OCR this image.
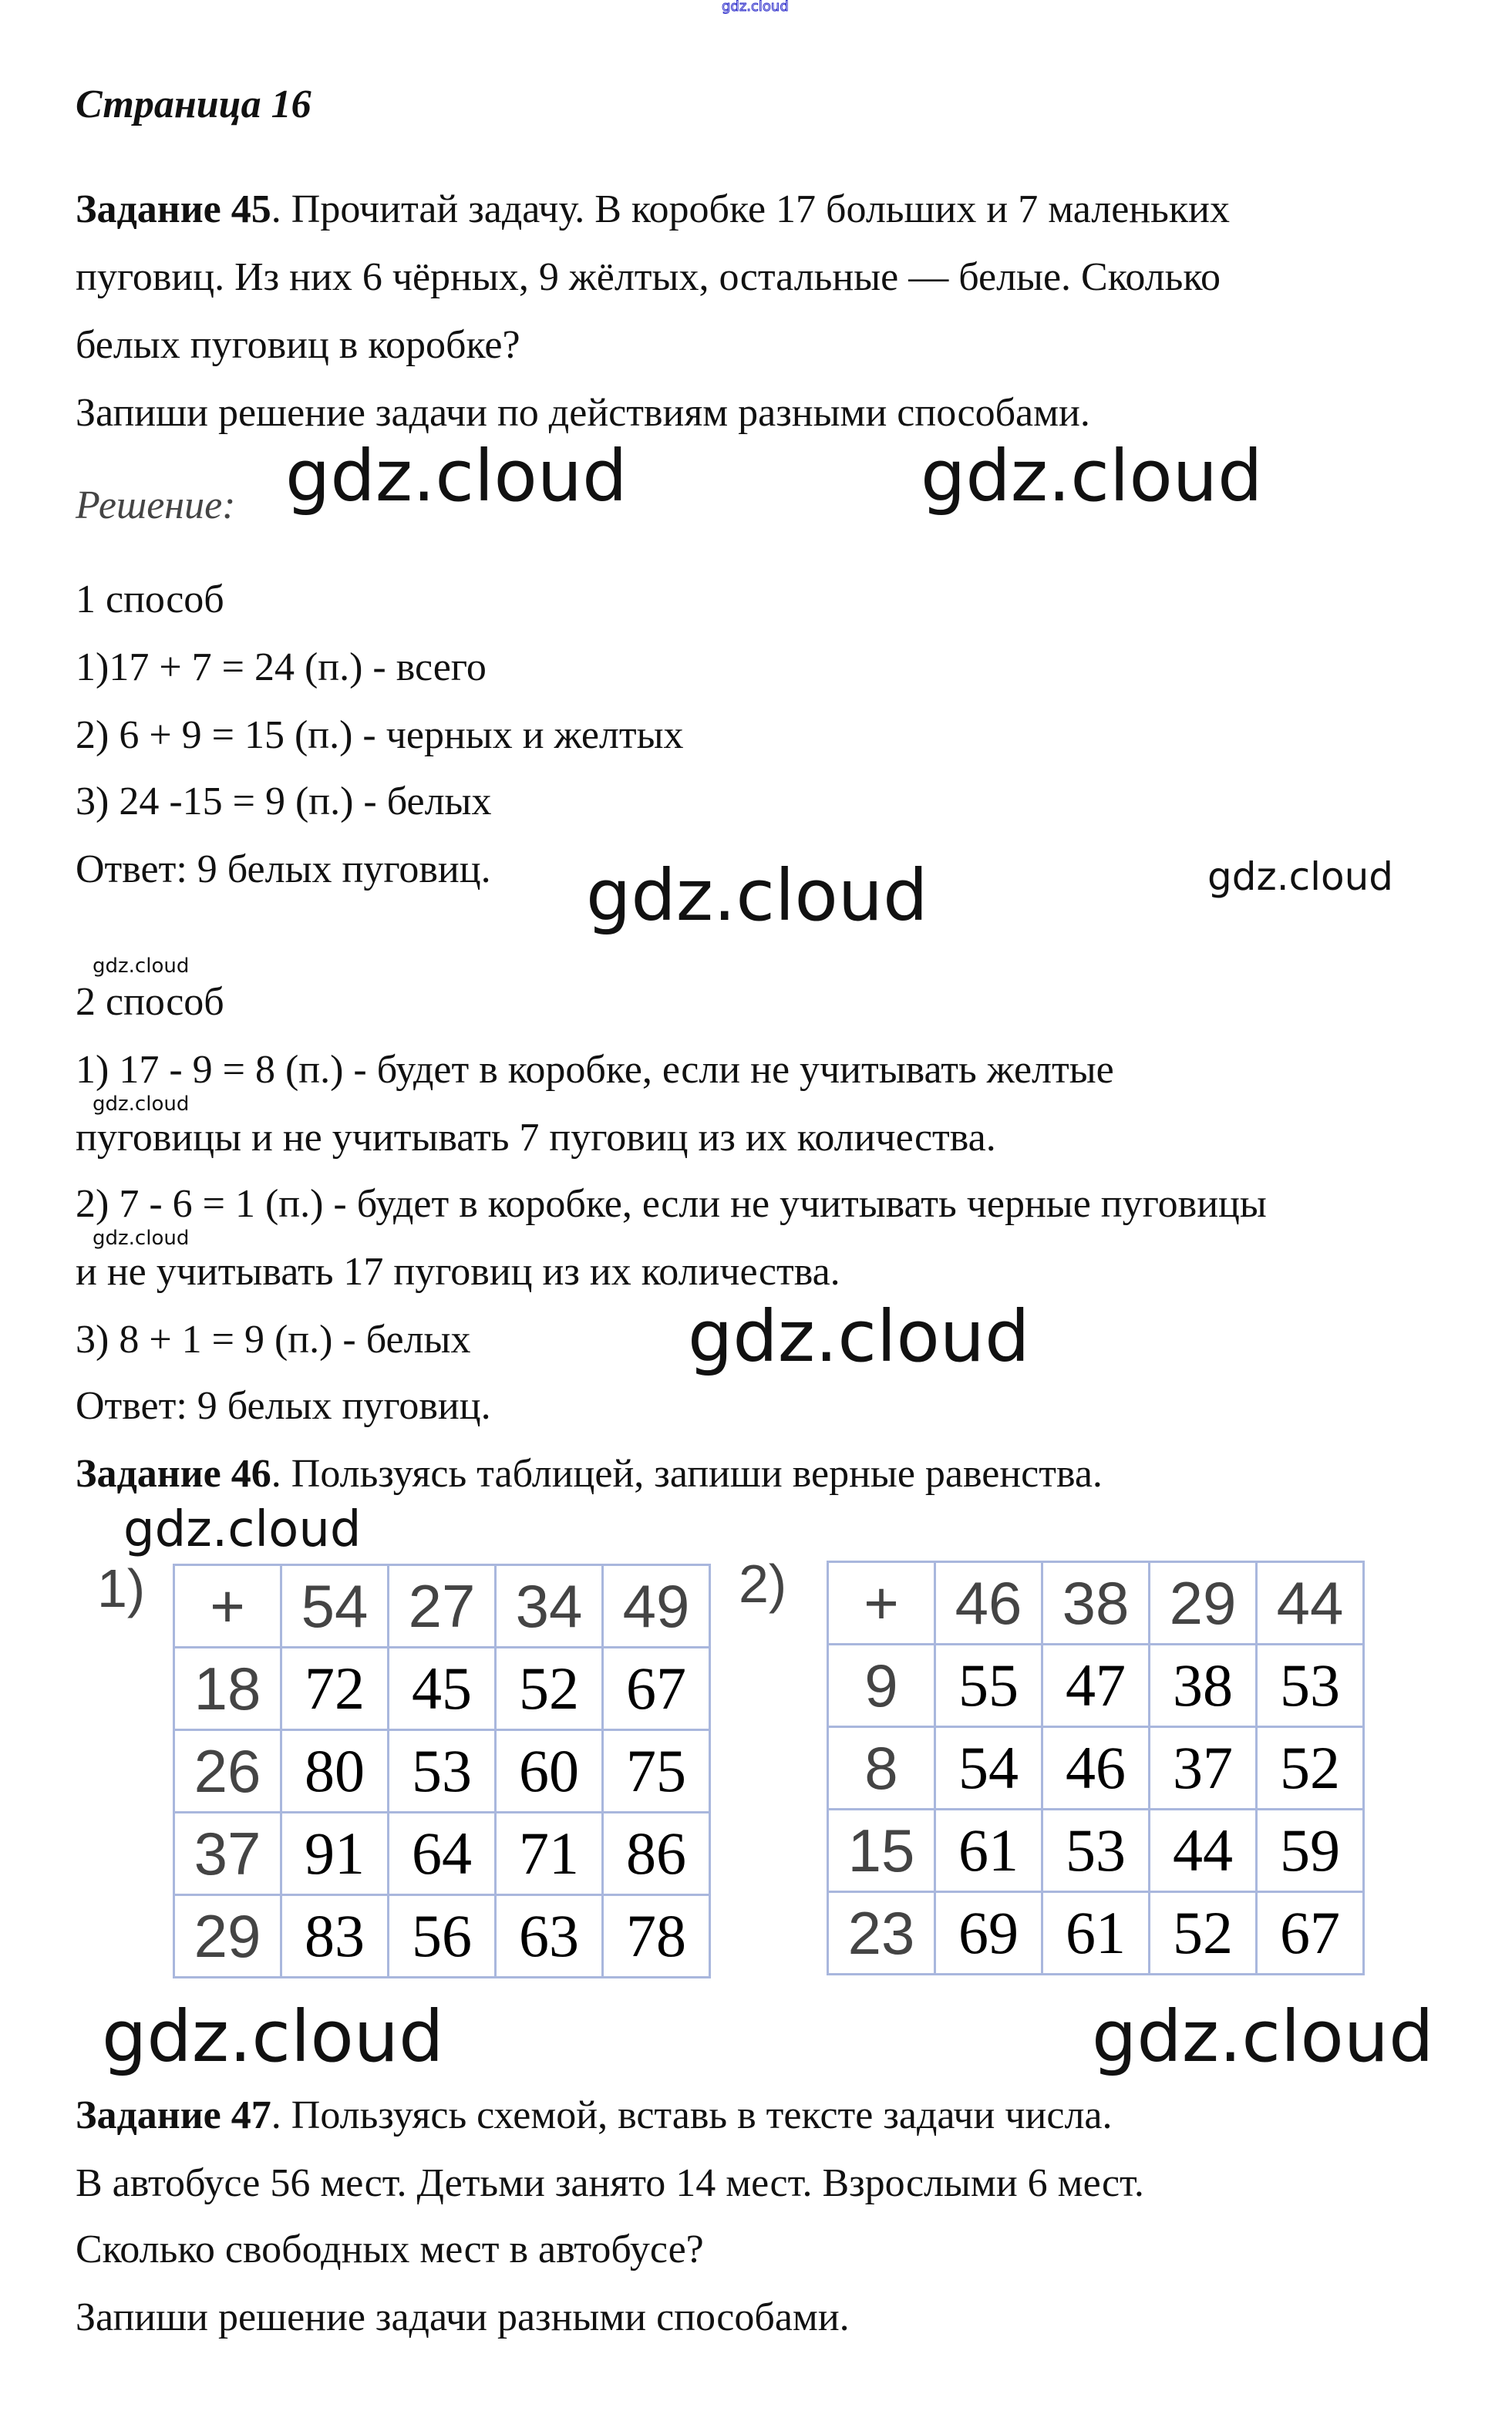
gdz.cloud
Страница 16
Задание 45. Прочитай задачу. В коробке 17 больших и 7 маленьких
пуговиц. Из них 6 чёрных, 9 жёлтых, остальные — белые. Сколько
белых пуговиц в коробке?
Запиши решение задачи по действиям разными способами.
Решение: gdz.cloud	gdz.cloud
1 способ
1)17 + 7 = 24 (п.) - всего
2) 6 + 9 = 15 (п.) - черных и желтых
3) 24 -15 = 9 (п.) - белых
Ответ: 9 белых пуговиц. gdz.cloud	gdz.cloud
gdz.cloud
2 способ
1) 17 - 9 = 8 (п.) - будет в коробке, если не учитывать желтые
gdz.cloud
пуговицы и не учитывать 7 пуговиц из их количества.
2) 7 - 6 = 1 (п.) - будет в коробке, если не учитывать черные пуговицы
gdz.cloud
и не учитывать 17 пуговиц из их количества.
3) 8 + 1 = 9 (п.) - белых	gdz.cloud
Ответ: 9 белых пуговиц.
Задание 46. Пользуясь таблицей, запиши верные равенства.
gdz.cloud
1) +	54	27	34	49
18	72	45	52	67
26	80	53	60	75
37	91	64	71	86
29	83	56	63	78
2) +	46	38	29	44
9	55	47	38	53
8	54	46	37	52
15	61	53	44	59
23	69	61	52	67
gdz.cloud	gdz.cloud
Задание 47. Пользуясь схемой, вставь в тексте задачи числа.
В автобусе 56 мест. Детьми занято 14 мест. Взрослыми 6 мест.
Сколько свободных мест в автобусе?
Запиши решение задачи разными способами.
